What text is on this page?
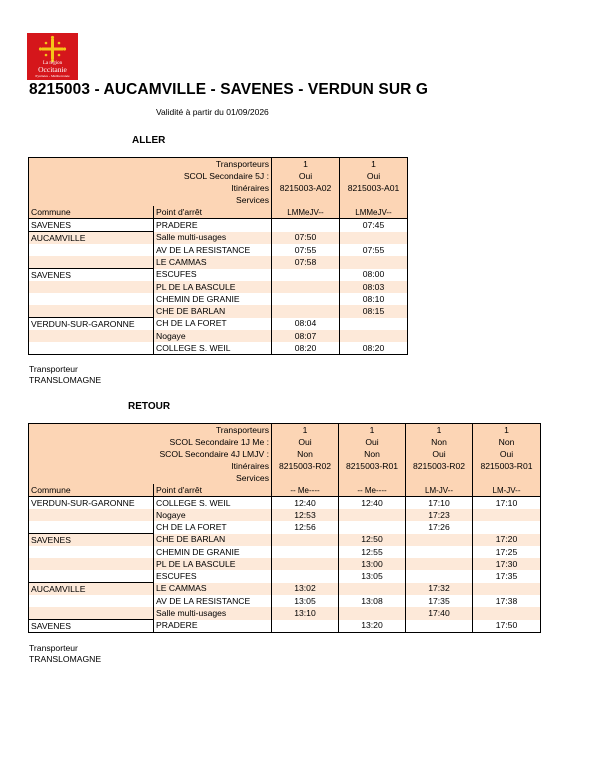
La région
Occitanie
Pyrénées - Méditerranée
8215003 - AUCAMVILLE - SAVENES - VERDUN SUR G
Validité à partir du 01/09/2026
ALLER
Transporteurs		1	1
SCOL Secondaire 5J :		Oui	Oui
Itinéraires		8215003-A02	8215003-A01
Services			
Commune	Point d'arrêt	LMMeJV--	LMMeJV--
SAVENES	PRADERE		07:45
AUCAMVILLE	Salle multi-usages	07:50	
	AV DE LA RESISTANCE	07:55	07:55
	LE CAMMAS	07:58	
SAVENES	ESCUFES		08:00
	PL DE LA BASCULE		08:03
	CHEMIN DE GRANIE		08:10
	CHE DE BARLAN		08:15
VERDUN-SUR-GARONNE	CH DE LA FORET	08:04	
	Nogaye	08:07	
	COLLEGE S. WEIL	08:20	08:20
Transporteur
TRANSLOMAGNE
RETOUR
Transporteurs		1	1	1	1
SCOL Secondaire 1J Me :		Oui	Oui	Non	Non
SCOL Secondaire 4J LMJV :		Non	Non	Oui	Oui
Itinéraires		8215003-R02	8215003-R01	8215003-R02	8215003-R01
Services					
Commune	Point d'arrêt	-- Me----	-- Me----	LM-JV--	LM-JV--
VERDUN-SUR-GARONNE	COLLEGE S. WEIL	12:40	12:40	17:10	17:10
	Nogaye	12:53		17:23	
	CH DE LA FORET	12:56		17:26	
SAVENES	CHE DE BARLAN		12:50		17:20
	CHEMIN DE GRANIE		12:55		17:25
	PL DE LA BASCULE		13:00		17:30
	ESCUFES		13:05		17:35
AUCAMVILLE	LE CAMMAS	13:02		17:32	
	AV DE LA RESISTANCE	13:05	13:08	17:35	17:38
	Salle multi-usages	13:10		17:40	
SAVENES	PRADERE		13:20		17:50
Transporteur
TRANSLOMAGNE
